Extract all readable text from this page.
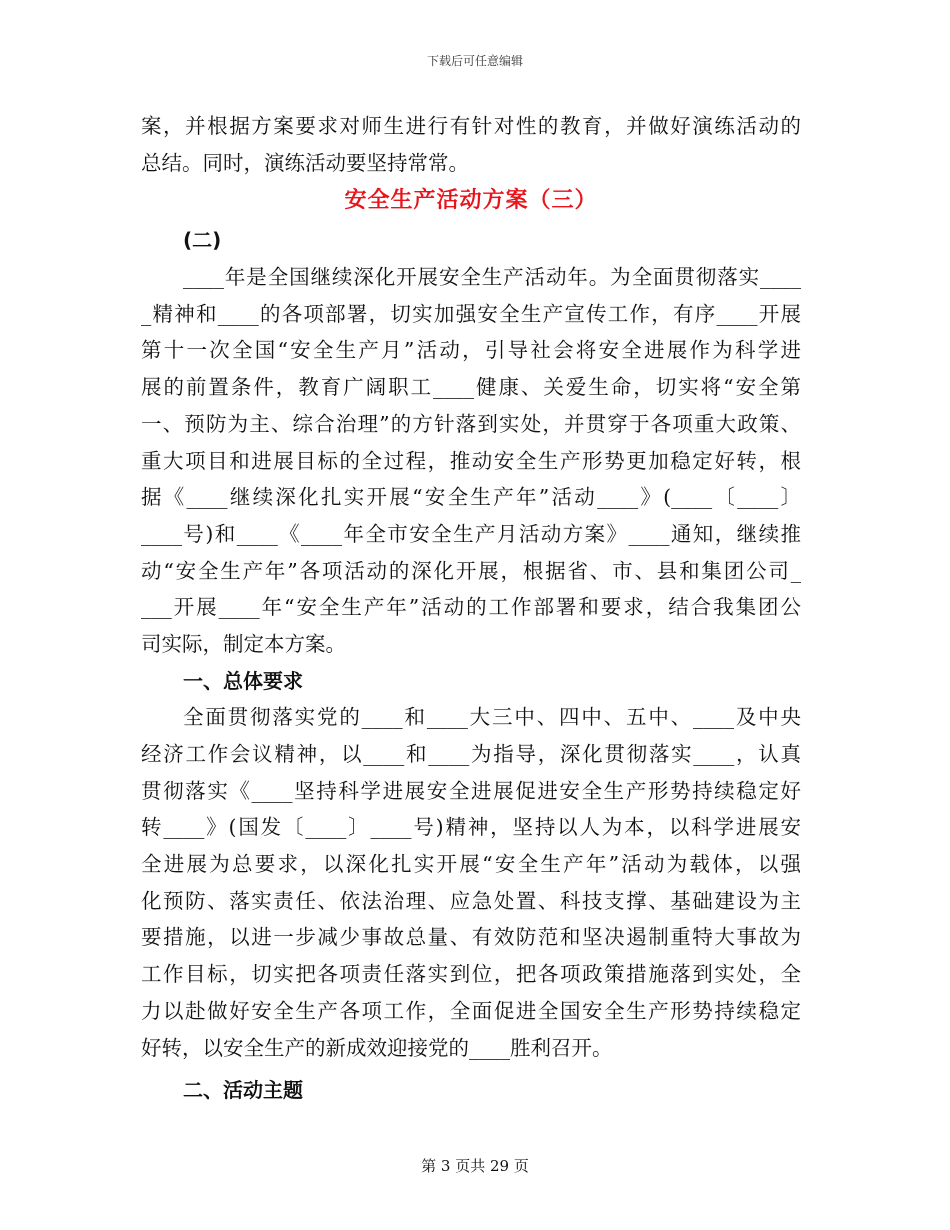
下载后可任意编辑
案，并根据方案要求对师生进行有针对性的教育，并做好演练活动的
总结。同时，演练活动要坚持常常。
安全生产活动方案（三）
(二)
____年是全国继续深化开展安全生产活动年。为全面贯彻落实____
_精神和____的各项部署，切实加强安全生产宣传工作，有序____开展
第十一次全国“安全生产月”活动，引导社会将安全进展作为科学进
展的前置条件，教育广阔职工____健康、关爱生命，切实将“安全第
一、预防为主、综合治理”的方针落到实处，并贯穿于各项重大政策、
重大项目和进展目标的全过程，推动安全生产形势更加稳定好转，根
据《____继续深化扎实开展“安全生产年”活动____》(____〔____〕
____号)和____《____年全市安全生产月活动方案》____通知，继续推
动“安全生产年”各项活动的深化开展，根据省、市、县和集团公司_
___开展____年“安全生产年”活动的工作部署和要求，结合我集团公
司实际，制定本方案。
一、总体要求
全面贯彻落实党的____和____大三中、四中、五中、____及中央
经济工作会议精神，以____和____为指导，深化贯彻落实____，认真
贯彻落实《____坚持科学进展安全进展促进安全生产形势持续稳定好
转____》(国发〔____〕____号)精神，坚持以人为本，以科学进展安
全进展为总要求，以深化扎实开展“安全生产年”活动为载体，以强
化预防、落实责任、依法治理、应急处置、科技支撑、基础建设为主
要措施，以进一步减少事故总量、有效防范和坚决遏制重特大事故为
工作目标，切实把各项责任落实到位，把各项政策措施落到实处，全
力以赴做好安全生产各项工作，全面促进全国安全生产形势持续稳定
好转，以安全生产的新成效迎接党的____胜利召开。
二、活动主题
第 3 页共 29 页
